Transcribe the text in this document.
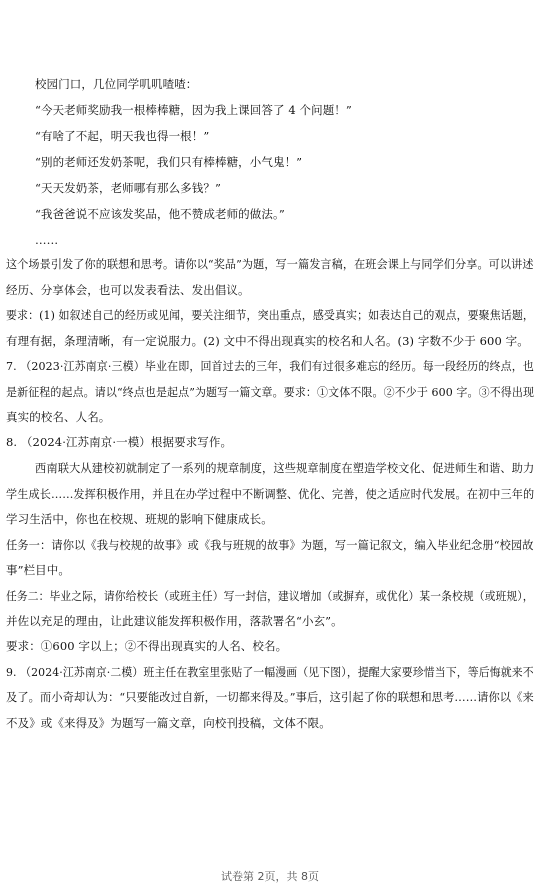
校园门口，几位同学叽叽喳喳：
“今天老师奖励我一根棒棒糖，因为我上课回答了 4 个问题！”
“有啥了不起，明天我也得一根！”
“别的老师还发奶茶呢，我们只有棒棒糖，小气鬼！”
“天天发奶茶，老师哪有那么多钱？”
“我爸爸说不应该发奖品，他不赞成老师的做法。”
……
这个场景引发了你的联想和思考。请你以“奖品”为题，写一篇发言稿，在班会课上与同学们分享。可以讲述
经历、分享体会，也可以发表看法、发出倡议。
要求：(1) 如叙述自己的经历或见闻，要关注细节，突出重点，感受真实；如表达自己的观点，要聚焦话题，
有理有据，条理清晰，有一定说服力。(2) 文中不得出现真实的校名和人名。(3) 字数不少于 600 字。
7. （2023·江苏南京·三模）毕业在即，回首过去的三年，我们有过很多难忘的经历。每一段经历的终点，也
是新征程的起点。请以“终点也是起点”为题写一篇文章。要求：①文体不限。②不少于 600 字。③不得出现
真实的校名、人名。
8. （2024·江苏南京·一模）根据要求写作。
西南联大从建校初就制定了一系列的规章制度，这些规章制度在塑造学校文化、促进师生和谐、助力
学生成长……发挥积极作用，并且在办学过程中不断调整、优化、完善，使之适应时代发展。在初中三年的
学习生活中，你也在校规、班规的影响下健康成长。
任务一：请你以《我与校规的故事》或《我与班规的故事》为题，写一篇记叙文，编入毕业纪念册“校园故
事”栏目中。
任务二：毕业之际，请你给校长（或班主任）写一封信，建议增加（或摒弃，或优化）某一条校规（或班规），
并佐以充足的理由，让此建议能发挥积极作用，落款署名“小玄”。
要求：①600 字以上；②不得出现真实的人名、校名。
9. （2024·江苏南京·二模）班主任在教室里张贴了一幅漫画（见下图），提醒大家要珍惜当下，等后悔就来不
及了。而小奇却认为：“只要能改过自新，一切都来得及。”事后，这引起了你的联想和思考……请你以《来
不及》或《来得及》为题写一篇文章，向校刊投稿，文体不限。
试卷第 2页，共 8页
